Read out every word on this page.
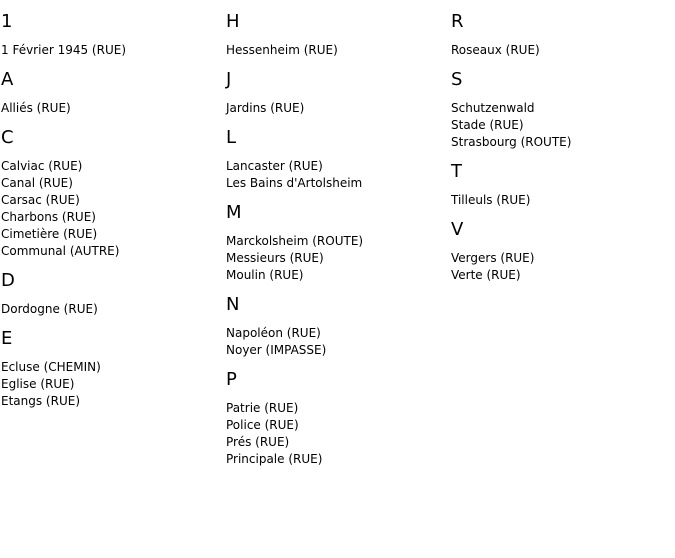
1
1 Février 1945 (RUE)
A
Alliés (RUE)
C
Calviac (RUE)
Canal (RUE)
Carsac (RUE)
Charbons (RUE)
Cimetière (RUE)
Communal (AUTRE)
D
Dordogne (RUE)
E
Ecluse (CHEMIN)
Eglise (RUE)
Etangs (RUE)
H
Hessenheim (RUE)
J
Jardins (RUE)
L
Lancaster (RUE)
Les Bains d'Artolsheim
M
Marckolsheim (ROUTE)
Messieurs (RUE)
Moulin (RUE)
N
Napoléon (RUE)
Noyer (IMPASSE)
P
Patrie (RUE)
Police (RUE)
Prés (RUE)
Principale (RUE)
R
Roseaux (RUE)
S
Schutzenwald
Stade (RUE)
Strasbourg (ROUTE)
T
Tilleuls (RUE)
V
Vergers (RUE)
Verte (RUE)
